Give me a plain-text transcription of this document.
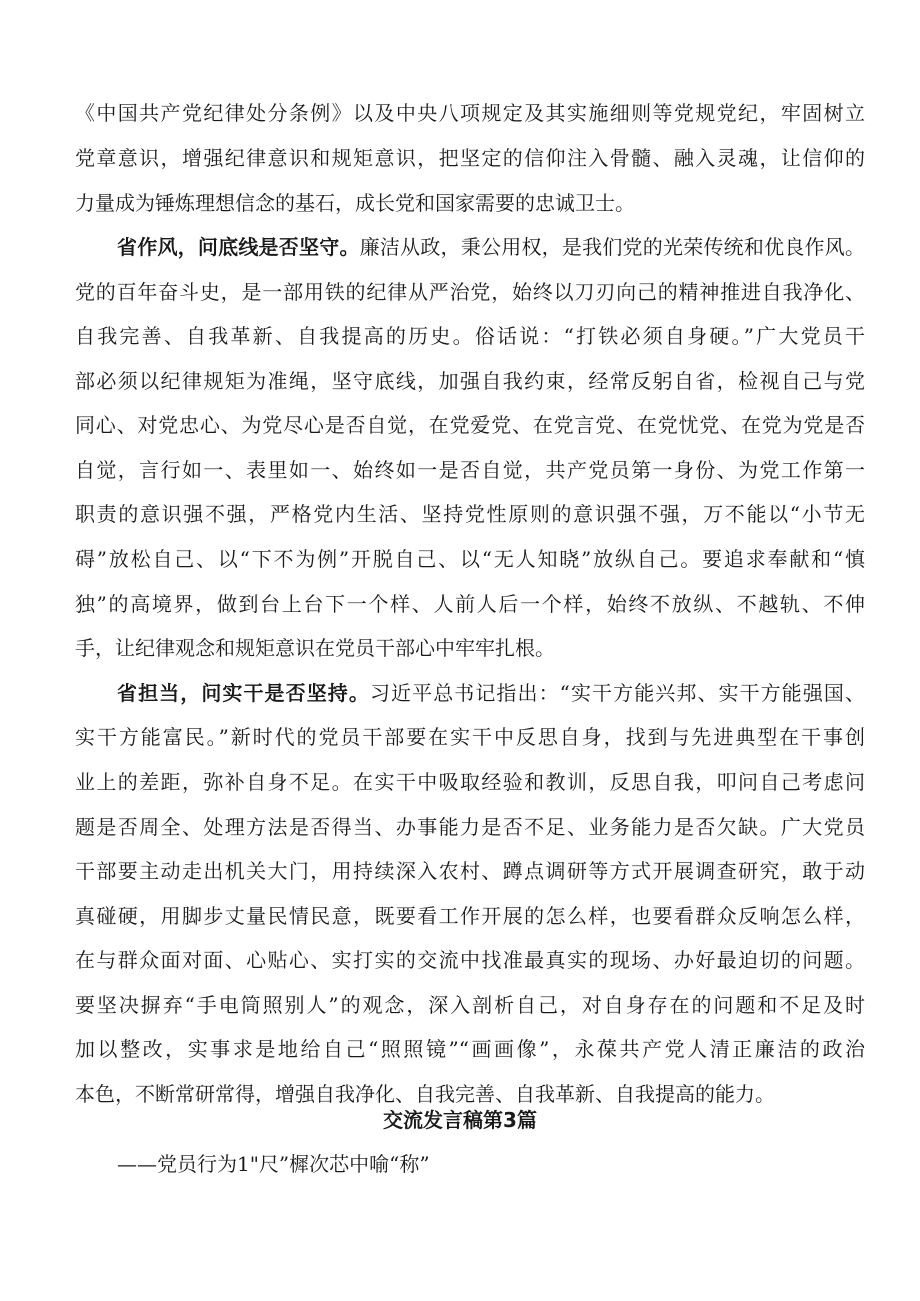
《中国共产党纪律处分条例》以及中央八项规定及其实施细则等党规党纪，牢固树立
党章意识，增强纪律意识和规矩意识，把坚定的信仰注入骨髓、融入灵魂，让信仰的
力量成为锤炼理想信念的基石，成长党和国家需要的忠诚卫士。
省作风，问底线是否坚守。廉洁从政，秉公用权，是我们党的光荣传统和优良作风。
党的百年奋斗史，是一部用铁的纪律从严治党，始终以刀刃向己的精神推进自我净化、
自我完善、自我革新、自我提高的历史。俗话说：“打铁必须自身硬。”广大党员干
部必须以纪律规矩为准绳，坚守底线，加强自我约束，经常反躬自省，检视自己与党
同心、对党忠心、为党尽心是否自觉，在党爱党、在党言党、在党忧党、在党为党是否
自觉，言行如一、表里如一、始终如一是否自觉，共产党员第一身份、为党工作第一
职责的意识强不强，严格党内生活、坚持党性原则的意识强不强，万不能以“小节无
碍”放松自己、以“下不为例”开脱自己、以“无人知晓”放纵自己。要追求奉献和“慎
独”的高境界，做到台上台下一个样、人前人后一个样，始终不放纵、不越轨、不伸
手，让纪律观念和规矩意识在党员干部心中牢牢扎根。
省担当，问实干是否坚持。习近平总书记指出：“实干方能兴邦、实干方能强国、
实干方能富民。”新时代的党员干部要在实干中反思自身，找到与先进典型在干事创
业上的差距，弥补自身不足。在实干中吸取经验和教训，反思自我，叩问自己考虑问
题是否周全、处理方法是否得当、办事能力是否不足、业务能力是否欠缺。广大党员
干部要主动走出机关大门，用持续深入农村、蹲点调研等方式开展调查研究，敢于动
真碰硬，用脚步丈量民情民意，既要看工作开展的怎么样，也要看群众反响怎么样，
在与群众面对面、心贴心、实打实的交流中找准最真实的现场、办好最迫切的问题。
要坚决摒弃“手电筒照别人”的观念，深入剖析自己，对自身存在的问题和不足及时
加以整改，实事求是地给自己“照照镜”“画画像”，永葆共产党人清正廉洁的政治
本色，不断常研常得，增强自我净化、自我完善、自我革新、自我提高的能力。
交流发言稿第3篇
——党员行为1"尺”樨次芯中喻“称”
